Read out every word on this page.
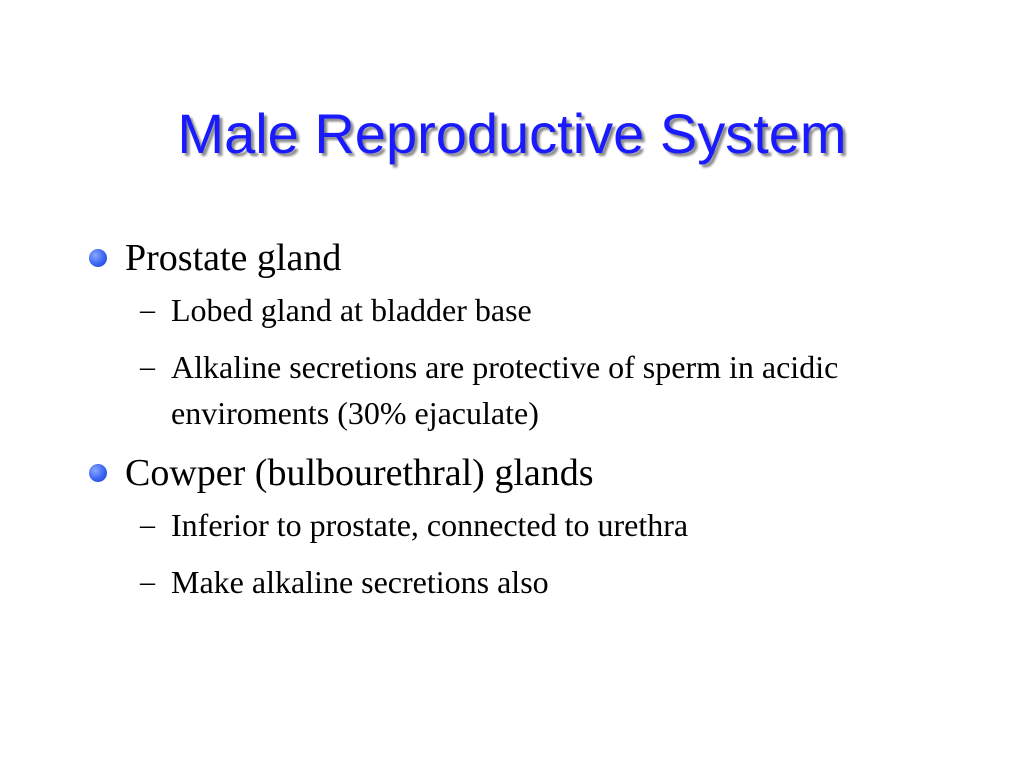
Male Reproductive System
Prostate gland
– Lobed gland at bladder base
– Alkaline secretions are protective of sperm in acidic enviroments (30% ejaculate)
Cowper (bulbourethral) glands
– Inferior to prostate, connected to urethra
– Make alkaline secretions also
